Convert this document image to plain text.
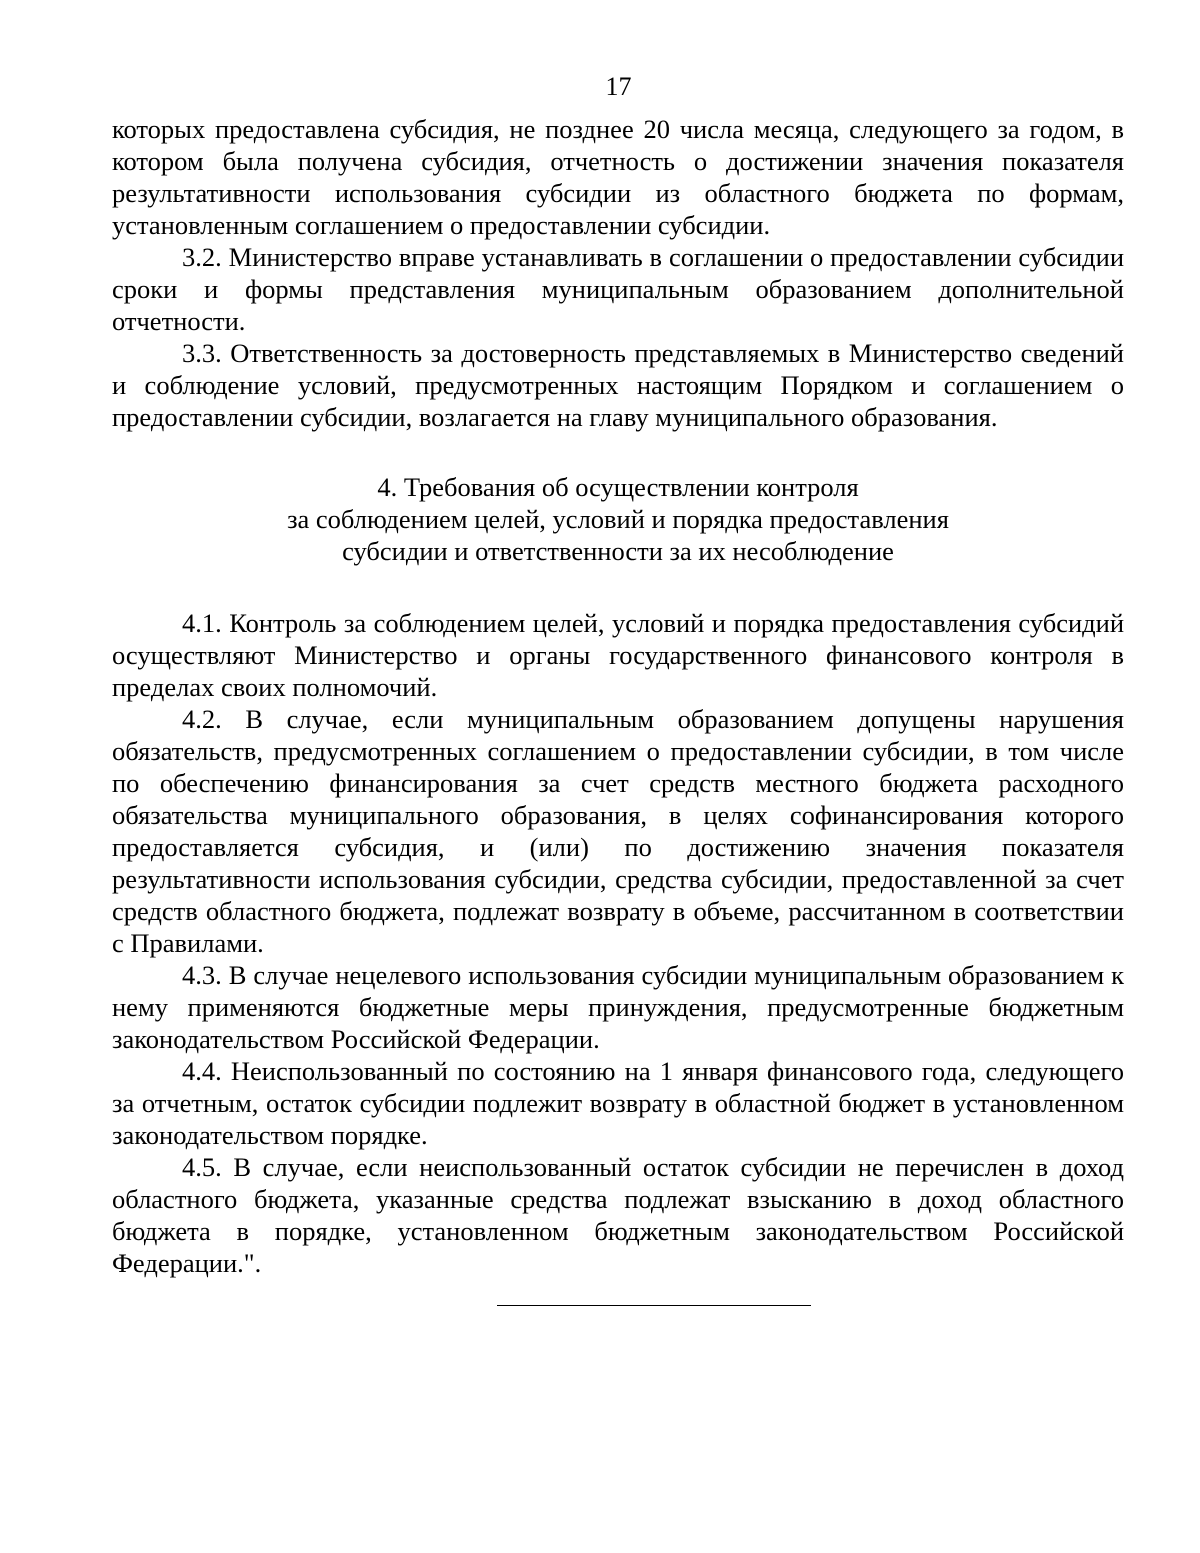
17

которых предоставлена субсидия, не позднее 20 числа месяца, следующего за годом, в котором была получена субсидия, отчетность о достижении значения показателя результативности использования субсидии из областного бюджета по формам, установленным соглашением о предоставлении субсидии.

3.2. Министерство вправе устанавливать в соглашении о предоставлении субсидии сроки и формы представления муниципальным образованием дополнительной отчетности.

3.3. Ответственность за достоверность представляемых в Министерство сведений и соблюдение условий, предусмотренных настоящим Порядком и соглашением о предоставлении субсидии, возлагается на главу муниципального образования.

4. Требования об осуществлении контроля
за соблюдением целей, условий и порядка предоставления
субсидии и ответственности за их несоблюдение

4.1. Контроль за соблюдением целей, условий и порядка предоставления субсидий осуществляют Министерство и органы государственного финансового контроля в пределах своих полномочий.

4.2. В случае, если муниципальным образованием допущены нарушения обязательств, предусмотренных соглашением о предоставлении субсидии, в том числе по обеспечению финансирования за счет средств местного бюджета расходного обязательства муниципального образования, в целях софинансирования которого предоставляется субсидия, и (или) по достижению значения показателя результативности использования субсидии, средства субсидии, предоставленной за счет средств областного бюджета, подлежат возврату в объеме, рассчитанном в соответствии с Правилами.

4.3. В случае нецелевого использования субсидии муниципальным образованием к нему применяются бюджетные меры принуждения, предусмотренные бюджетным законодательством Российской Федерации.

4.4. Неиспользованный по состоянию на 1 января финансового года, следующего за отчетным, остаток субсидии подлежит возврату в областной бюджет в установленном законодательством порядке.

4.5. В случае, если неиспользованный остаток субсидии не перечислен в доход областного бюджета, указанные средства подлежат взысканию в доход областного бюджета в порядке, установленном бюджетным законодательством Российской Федерации.".
